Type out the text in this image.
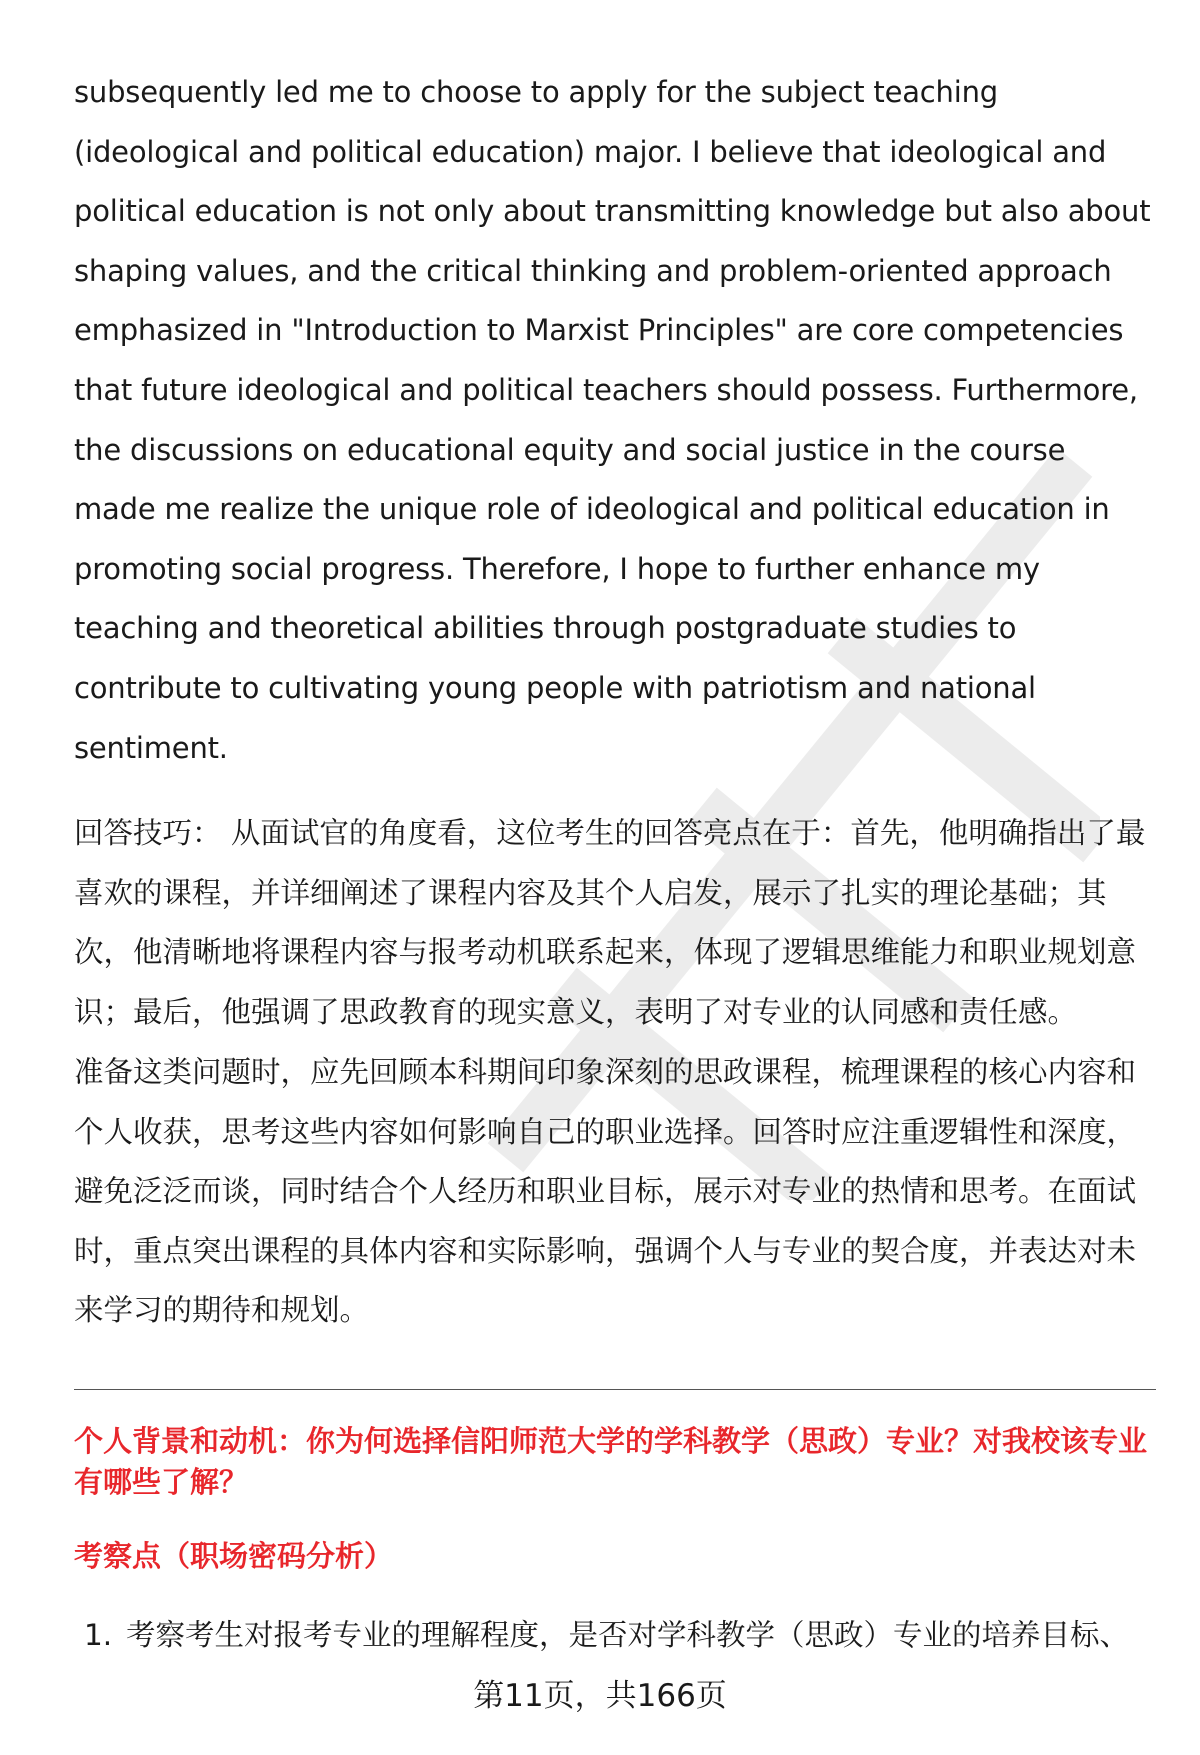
subsequently led me to choose to apply for the subject teaching (ideological and political education) major. I believe that ideological and political education is not only about transmitting knowledge but also about shaping values, and the critical thinking and problem-oriented approach emphasized in "Introduction to Marxist Principles" are core competencies that future ideological and political teachers should possess. Furthermore, the discussions on educational equity and social justice in the course made me realize the unique role of ideological and political education in promoting social progress. Therefore, I hope to further enhance my teaching and theoretical abilities through postgraduate studies to contribute to cultivating young people with patriotism and national sentiment.

回答技巧： 从面试官的角度看，这位考生的回答亮点在于：首先，他明确指出了最喜欢的课程，并详细阐述了课程内容及其个人启发，展示了扎实的理论基础；其次，他清晰地将课程内容与报考动机联系起来，体现了逻辑思维能力和职业规划意识；最后，他强调了思政教育的现实意义，表明了对专业的认同感和责任感。

准备这类问题时，应先回顾本科期间印象深刻的思政课程，梳理课程的核心内容和个人收获，思考这些内容如何影响自己的职业选择。回答时应注重逻辑性和深度，避免泛泛而谈，同时结合个人经历和职业目标，展示对专业的热情和思考。在面试时，重点突出课程的具体内容和实际影响，强调个人与专业的契合度，并表达对未来学习的期待和规划。

个人背景和动机：你为何选择信阳师范大学的学科教学（思政）专业？对我校该专业有哪些了解？

考察点（职场密码分析）

1. 考察考生对报考专业的理解程度，是否对学科教学（思政）专业的培养目标、

第11页，共166页
